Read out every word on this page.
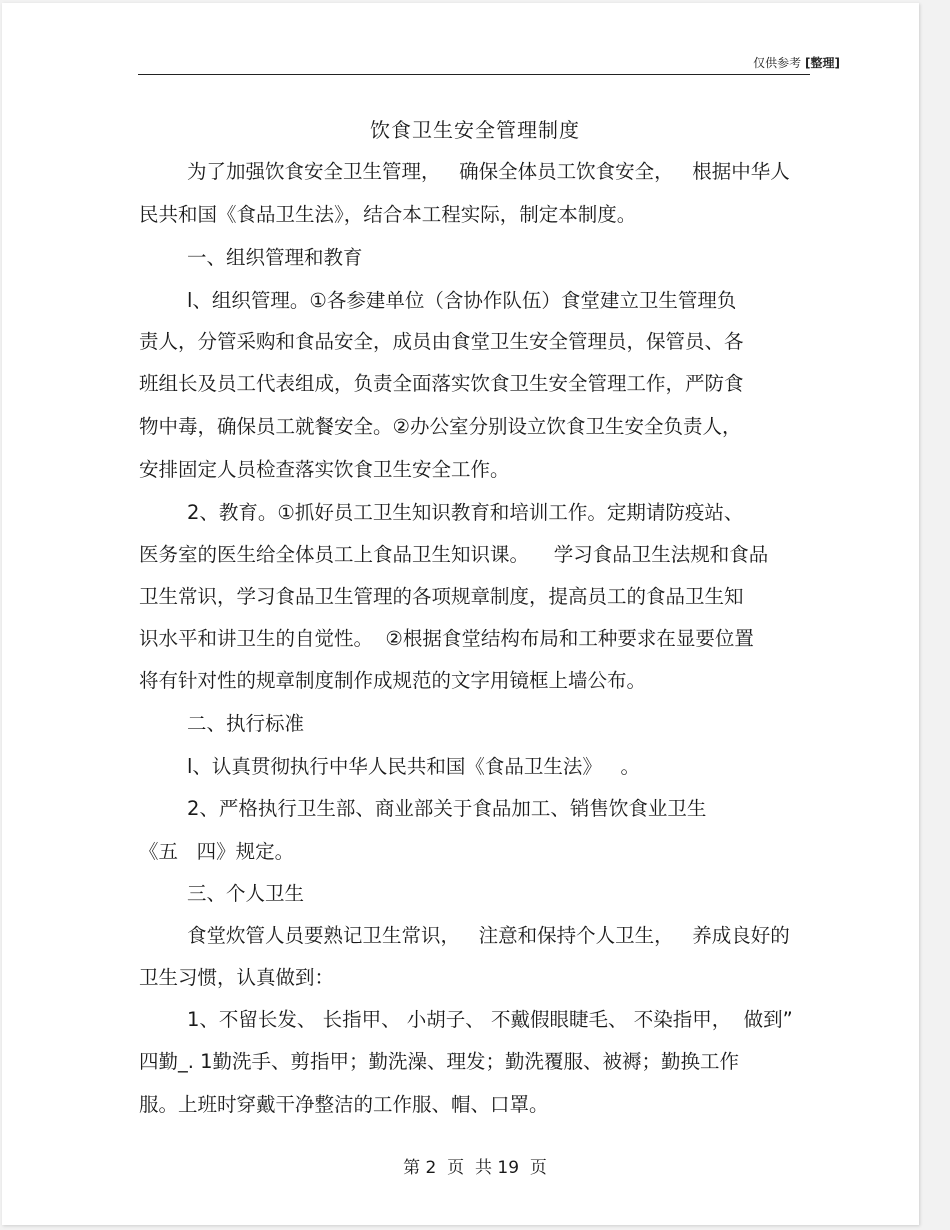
仅供参考 [整理]
饮食卫生安全管理制度
为了加强饮食安全卫生管理，   确保全体员工饮食安全，   根据中华人
民共和国《食品卫生法》，结合本工程实际，制定本制度。
一、组织管理和教育
l、组织管理。①各参建单位（含协作队伍）食堂建立卫生管理负
责人，分管采购和食品安全，成员由食堂卫生安全管理员，保管员、各
班组长及员工代表组成，负责全面落实饮食卫生安全管理工作，严防食
物中毒，确保员工就餐安全。②办公室分别设立饮食卫生安全负责人，
安排固定人员检查落实饮食卫生安全工作。
2、教育。①抓好员工卫生知识教育和培训工作。定期请防疫站、
医务室的医生给全体员工上食品卫生知识课。    学习食品卫生法规和食品
卫生常识，学习食品卫生管理的各项规章制度，提高员工的食品卫生知
识水平和讲卫生的自觉性。  ②根据食堂结构布局和工种要求在显要位置
将有针对性的规章制度制作成规范的文字用镜框上墙公布。
二、执行标准
l、认真贯彻执行中华人民共和国《食品卫生法》   。
2、严格执行卫生部、商业部关于食品加工、销售饮食业卫生
《五   四》规定。
三、个人卫生
食堂炊管人员要熟记卫生常识，   注意和保持个人卫生，   养成良好的
卫生习惯，认真做到：
1、不留长发、 长指甲、 小胡子、 不戴假眼睫毛、 不染指甲，  做到”
四勤_. 1勤洗手、剪指甲；勤洗澡、理发；勤洗覆服、被褥；勤换工作
服。上班时穿戴干净整洁的工作服、帽、口罩。
第 2  页  共 19  页
